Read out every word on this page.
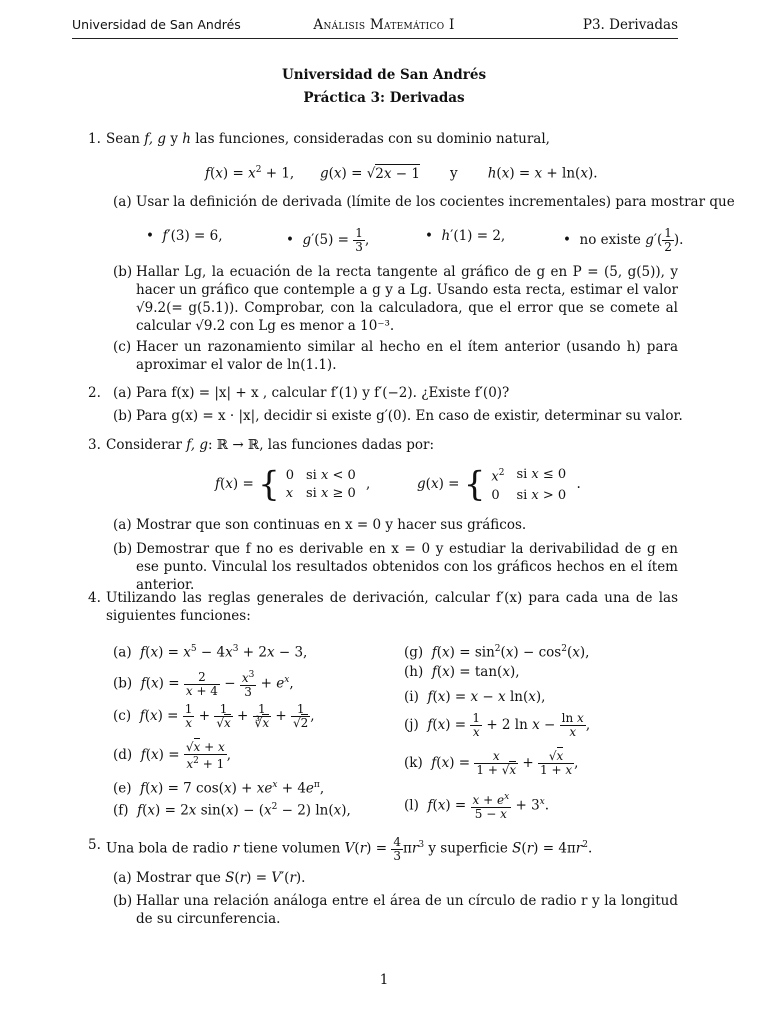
Universidad de San Andrés	Análisis Matemático I	P3. Derivadas
Universidad de San Andrés
Práctica 3: Derivadas
1. Sean f, g y h las funciones, consideradas con su dominio natural,
$f(x) = x^2 + 1$,      g(x) = √2x − 1       y       h(x) = x + ln(x).
(a) Usar la definición de derivada (límite de los cocientes incrementales) para mostrar que
•  f′(3) = 6,	•  $g'(5) = \frac{1}{3}$ ,	•  h′(1) = 2,	•  no existe $g'( \frac{1}{2}$ ).
(b) Hallar Lg, la ecuación de la recta tangente al gráfico de g en P = (5, g(5)), y hacer un gráfico que contemple a g y a Lg. Usando esta recta, estimar el valor √9.2(= g(5.1)). Comprobar, con la calculadora, que el error que se comete al calcular √9.2 con Lg es menor a 10⁻³.
(c) Hacer un razonamiento similar al hecho en el ítem anterior (usando h) para aproximar el valor de ln(1.1).
2. (a) Para f(x) = |x| + x , calcular f′(1) y f′(−2). ¿Existe f′(0)?
(b) Para g(x) = x · |x|, decidir si existe g′(0). En caso de existir, determinar su valor.
3. Considerar f, g: ℝ → ℝ, las funciones dadas por:
f(x) = { 0	si x < 0
x	si x ≥ 0 ,	g(x) = { $x^2$	si x ≤ 0
0	si x > 0 .
(a) Mostrar que son continuas en x = 0 y hacer sus gráficos.
(b) Demostrar que f no es derivable en x = 0 y estudiar la derivabilidad de g en ese punto. Vinculal los resultados obtenidos con los gráficos hechos en el ítem anterior.
4. Utilizando las reglas generales de derivación, calcular f′(x) para cada una de las siguientes funciones:
(a)  $f(x) = x^5 - 4x^3 + 2x - 3$,
(b)  $f(x) = \frac{2}{x + 4} - \frac{x^3}{3} + e^x$,
(c)  $f(x) = \frac{1}{x} + \frac{1}{√x} + \frac{1}{∛x} + \frac{1}{√2}$ ,
(d)  $f(x) = \frac{√x + x}{x^2 + 1}$ ,
(e)  f(x) = 7 $\cos(x) + xe^x + 4e^\pi$,
(f)  f(x) = 2x $\sin(x) - (x^2 - 2)$ ln(x),
(g)  $f(x) = \sin^2(x) - \cos^2(x)$,
(h)  f(x) = tan(x),
(i)  f(x) = x − x ln(x),
(j)  $f(x) = \frac{1}{x} + 2$ $\ln x - \frac{\text{ln x}}{x}$ ,
(k)  $f(x) = \frac{x}{1 + √x} + \frac{√x}{1 + x}$ ,
(l)  $f(x) = \frac{x + e^x}{5 - x} + 3^x$.
5. Una bola de radio r tiene volumen $V(r) = \frac{4}{3} \pi r^3$ y superficie $S(r) = 4\pi r^2$.
(a) Mostrar que S(r) = V′(r).
(b) Hallar una relación análoga entre el área de un círculo de radio r y la longitud de su circunferencia.
1
